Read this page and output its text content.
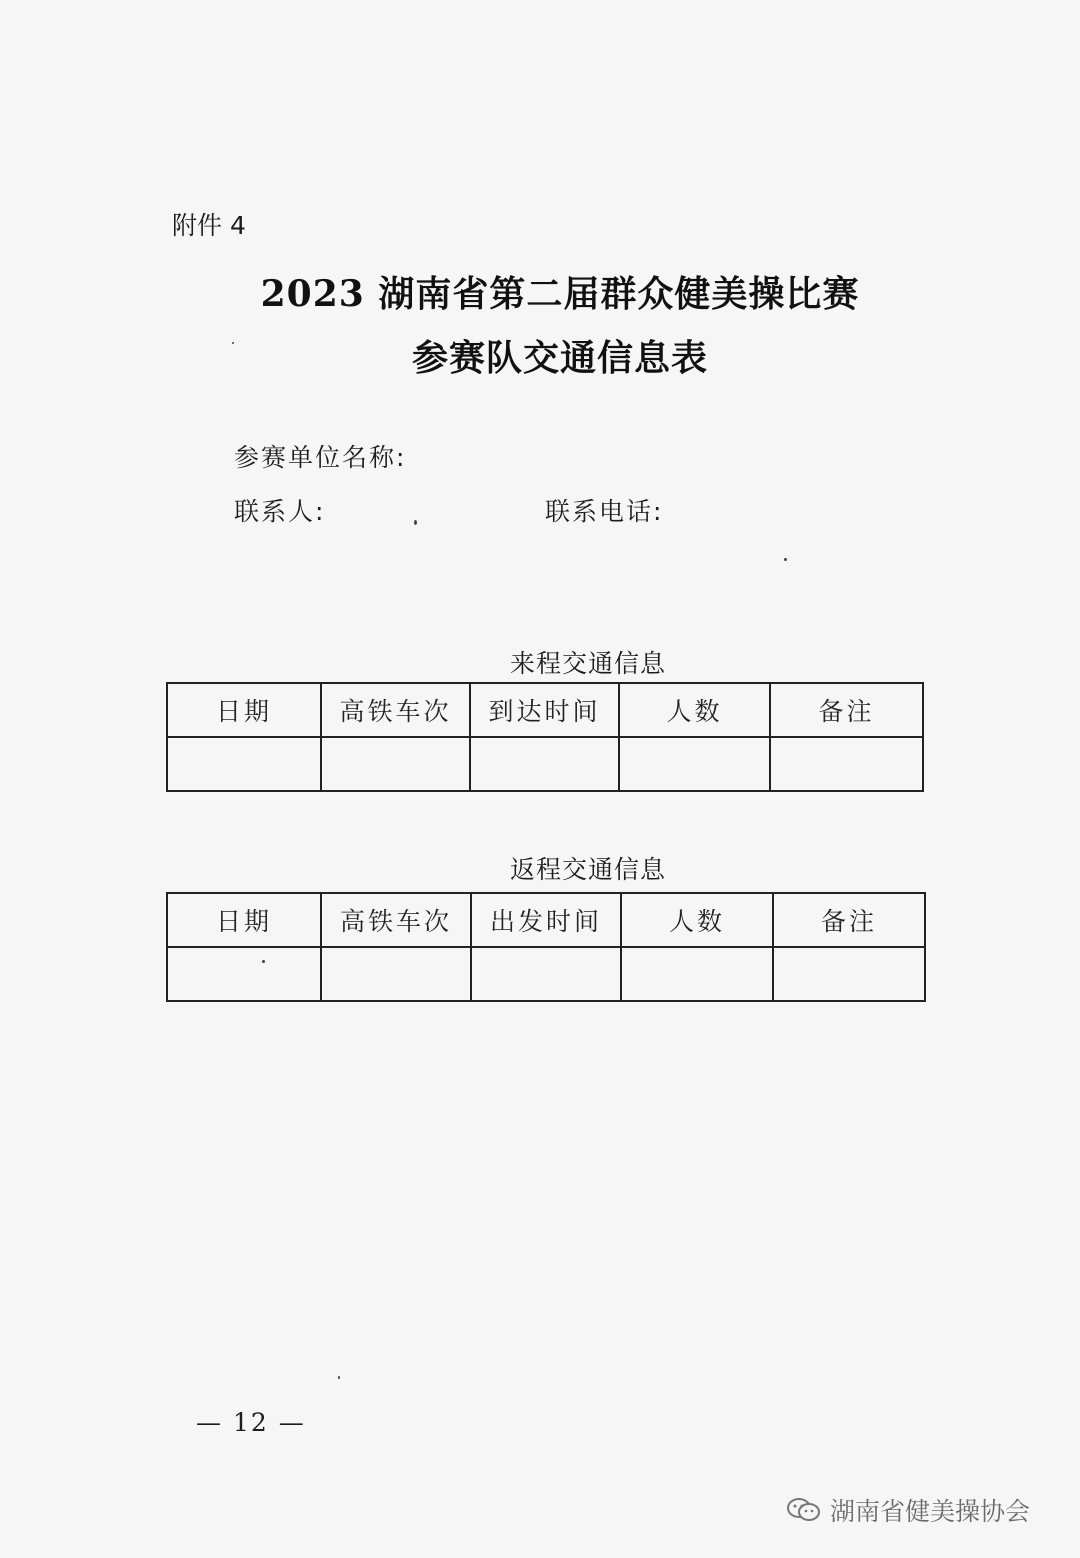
附件 4
2023 湖南省第二届群众健美操比赛
参赛队交通信息表
参赛单位名称:
联系人:	联系电话:
来程交通信息
日期	高铁车次	到达时间	人数	备注

返程交通信息
日期	高铁车次	出发时间	人数	备注

— 12 —
湖南省健美操协会
